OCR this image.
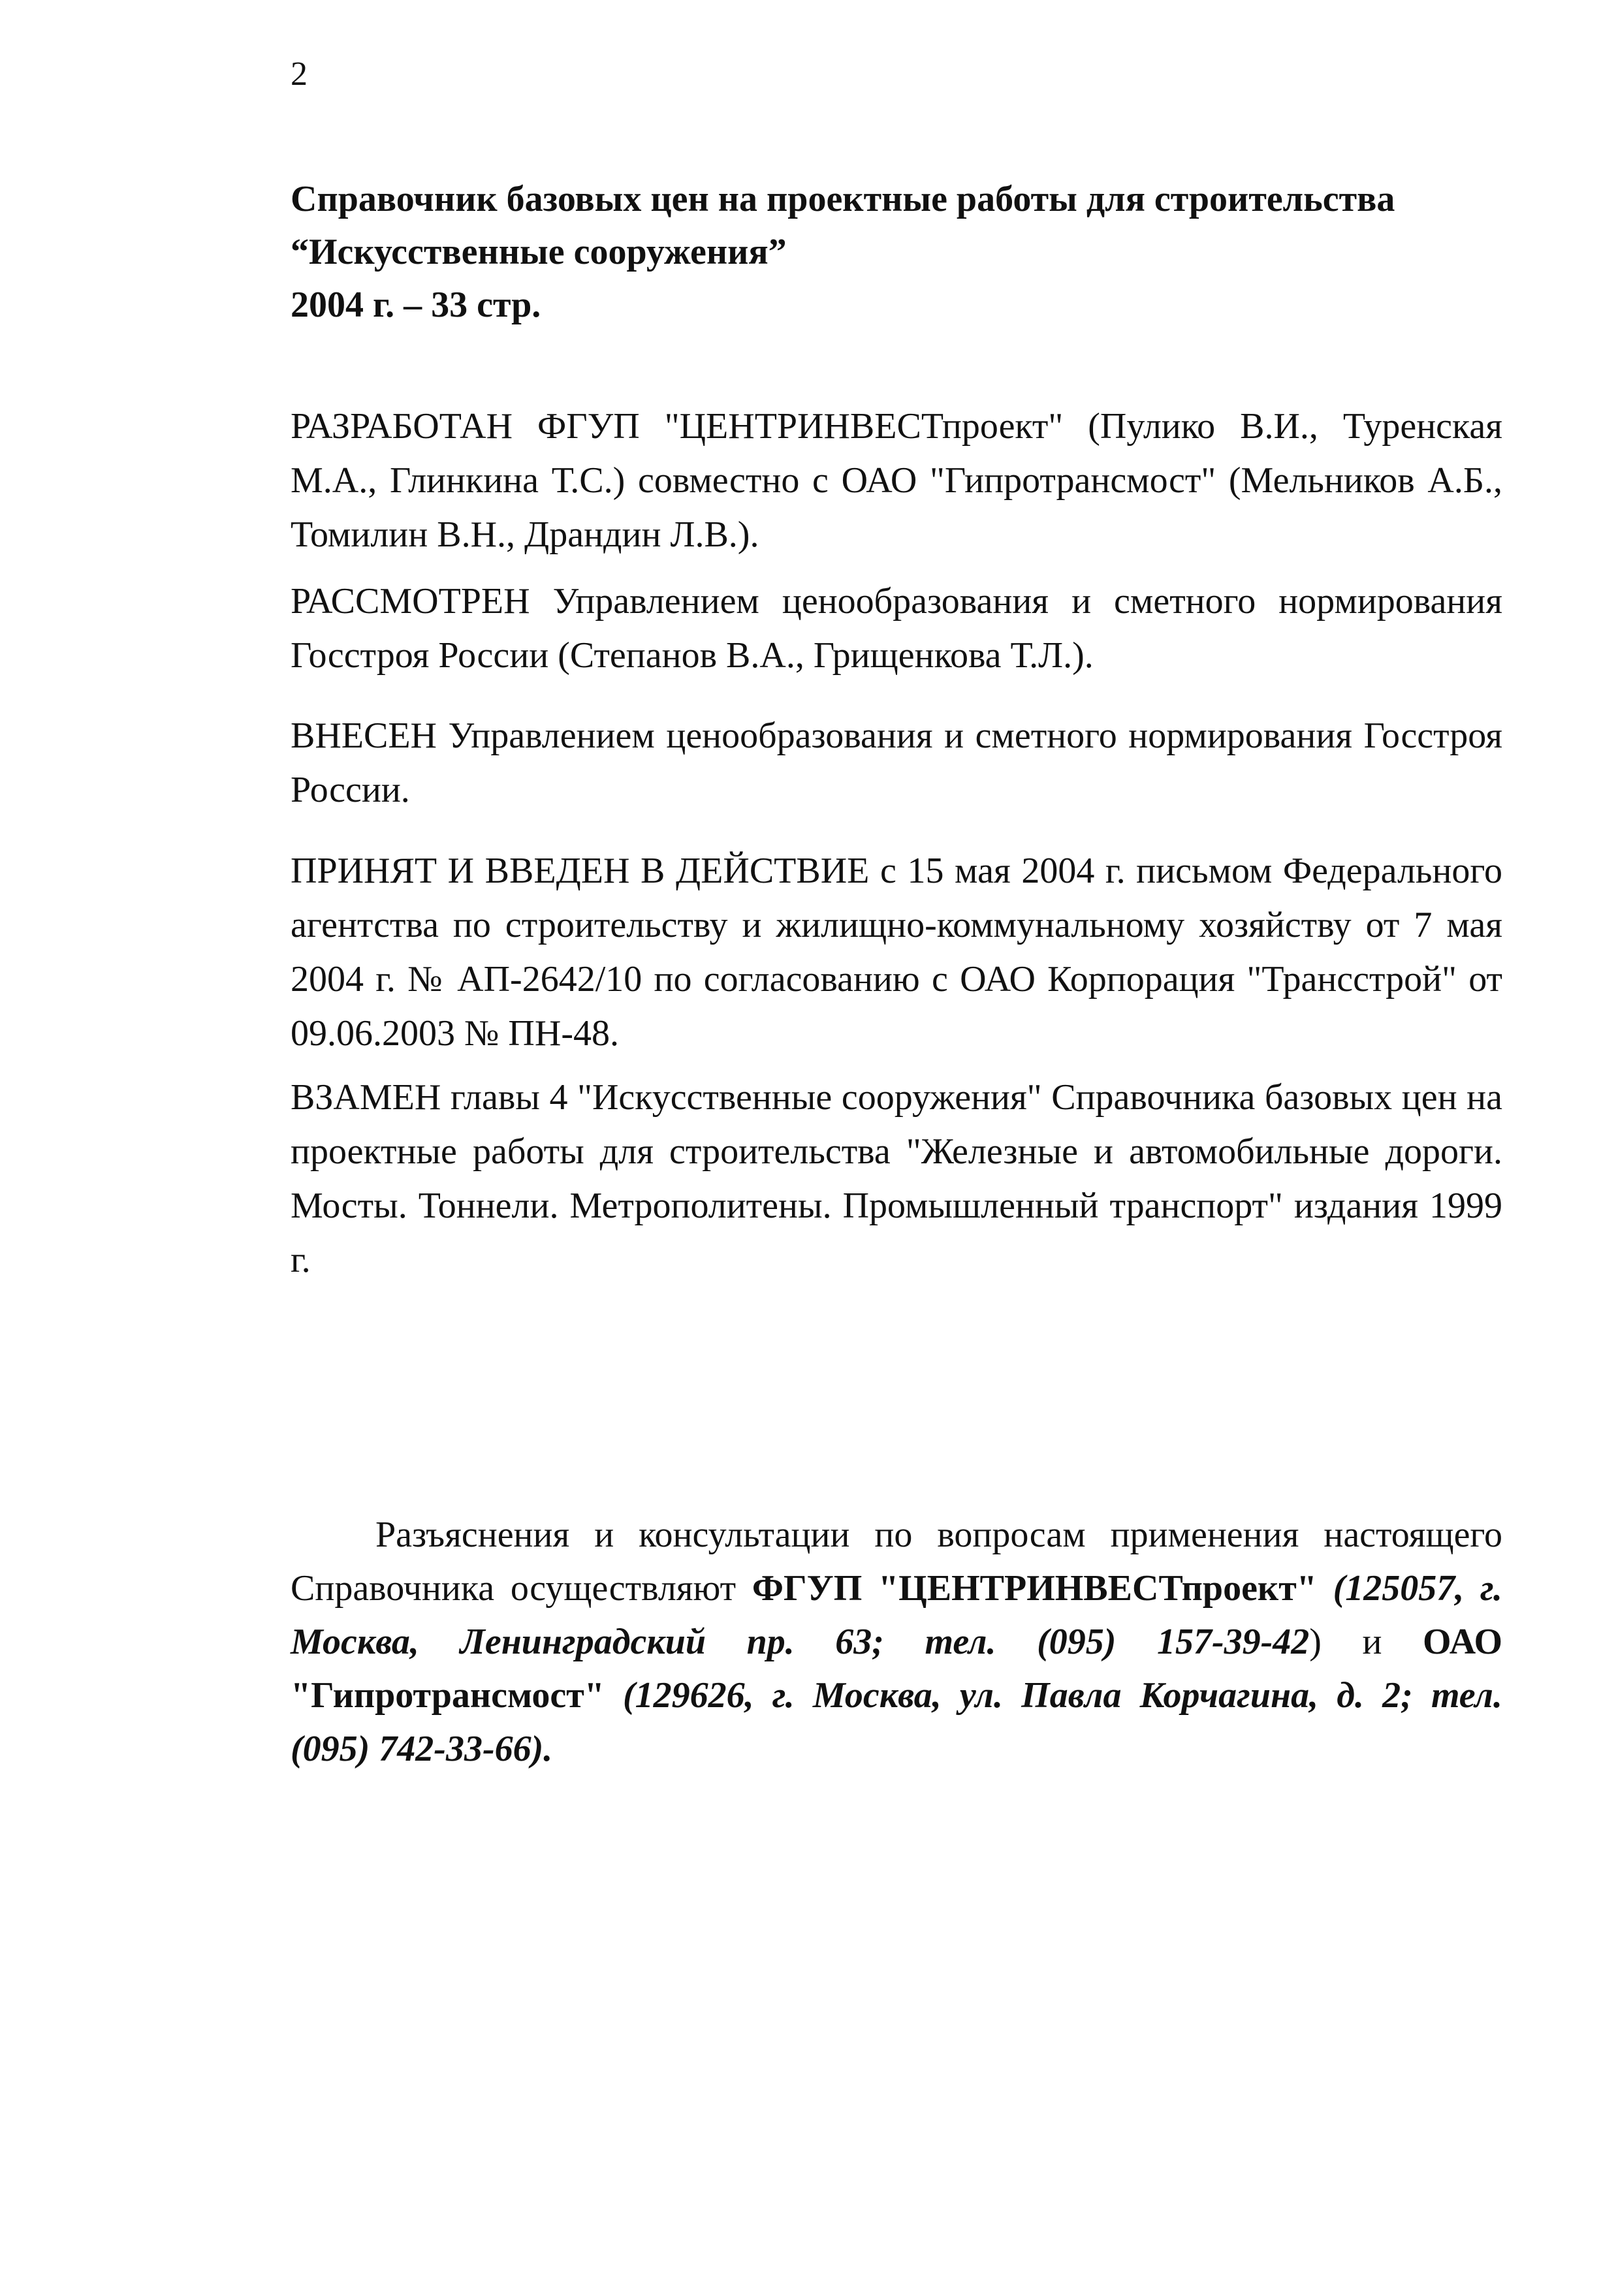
2
Справочник базовых цен на проектные работы для строительства
“Искусственные сооружения”
2004 г. – 33 стр.
РАЗРАБОТАН ФГУП "ЦЕНТРИНВЕСТпроект" (Пулико В.И., Туренская М.А., Глинкина Т.С.) совместно с ОАО "Гипротрансмост" (Мельников А.Б., Томилин В.Н., Драндин Л.В.).
РАССМОТРЕН Управлением ценообразования и сметного нормирования Госстроя России (Степанов В.А., Грищенкова Т.Л.).
ВНЕСЕН Управлением ценообразования и сметного нормирования Госстроя России.
ПРИНЯТ И ВВЕДЕН В ДЕЙСТВИЕ с 15 мая 2004 г. письмом Федерального агентства по строительству и жилищно-коммунальному хозяйству от 7 мая 2004 г. № АП-2642/10 по согласованию с ОАО Корпорация "Трансстрой" от 09.06.2003 № ПН-48.
ВЗАМЕН главы 4 "Искусственные сооружения" Справочника базовых цен на проектные работы для строительства "Железные и автомобильные дороги. Мосты. Тоннели. Метрополитены. Промышленный транспорт" издания 1999 г.
Разъяснения и консультации по вопросам применения настоящего Справочника осуществляют ФГУП "ЦЕНТРИНВЕСТпроект" (125057, г. Москва, Ленинградский пр. 63; тел. (095) 157-39-42) и ОАО "Гипротрансмост" (129626, г. Москва, ул. Павла Корчагина, д. 2; тел. (095) 742-33-66).
